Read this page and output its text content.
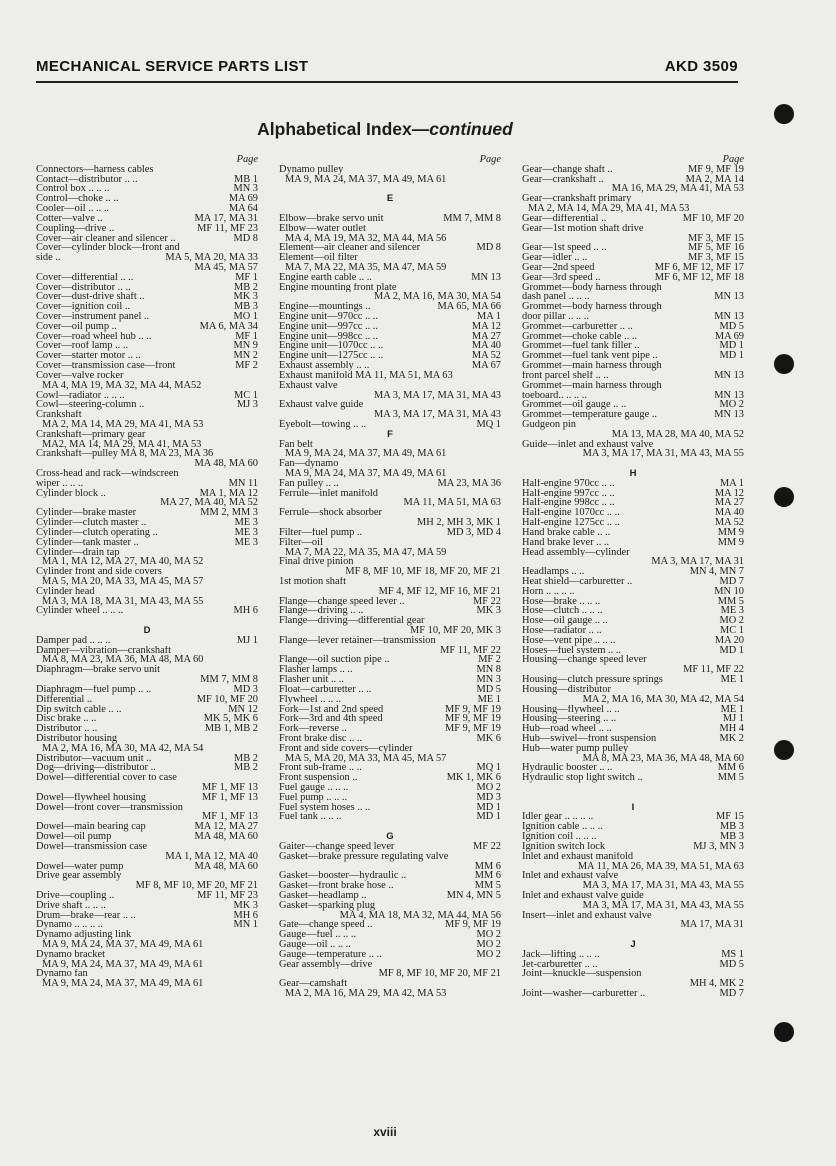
MECHANICAL SERVICE PARTS LIST	AKD 3509
Alphabetical Index—continued
Page
Connectors—harness cables
Contact—distributor .. ..	MB 1
Control box .. .. ..	MN 3
Control—choke .. ..	MA 69
Cooler—oil .. .. ..	MA 64
Cotter—valve ..	MA 17, MA 31
Coupling—drive ..	MF 11, MF 23
Cover—air cleaner and silencer ..	MD 8
Cover—cylinder block—front and
side ..	MA 5, MA 20, MA 33
MA 45, MA 57
Cover—differential .. ..	MF 1
Cover—distributor .. ..	MB 2
Cover—dust-drive shaft ..	MK 3
Cover—ignition coil ..	MB 3
Cover—instrument panel ..	MO 1
Cover—oil pump ..	MA 6, MA 34
Cover—road wheel hub .. ..	MF 1
Cover—roof lamp .. ..	MN 9
Cover—starter motor .. ..	MN 2
Cover—transmission case—front	MF 2
Cover—valve rocker
MA 4, MA 19, MA 32, MA 44, MA52
Cowl—radiator .. .. ..	MC 1
Cowl—steering-column ..	MJ 3
Crankshaft
MA 2, MA 14, MA 29, MA 41, MA 53
Crankshaft—primary gear
MA2, MA 14, MA 29, MA 41, MA 53
Crankshaft—pulley MA 8, MA 23, MA 36
MA 48, MA 60
Cross-head and rack—windscreen
wiper .. .. ..	MN 11
Cylinder block ..	MA 1, MA 12
MA 27, MA 40, MA 52
Cylinder—brake master	MM 2, MM 3
Cylinder—clutch master ..	ME 3
Cylinder—clutch operating ..	ME 3
Cylinder—tank master ..	ME 3
Cylinder—drain tap
MA 1, MA 12, MA 27, MA 40, MA 52
Cylinder front and side covers
MA 5, MA 20, MA 33, MA 45, MA 57
Cylinder head
MA 3, MA 18, MA 31, MA 43, MA 55
Cylinder wheel .. .. ..	MH 6
D
Damper pad .. .. ..	MJ 1
Damper—vibration—crankshaft
MA 8, MA 23, MA 36, MA 48, MA 60
Diaphragm—brake servo unit
MM 7, MM 8
Diaphragm—fuel pump .. ..	MD 3
Differential ..	MF 10, MF 20
Dip switch cable .. ..	MN 12
Disc brake .. ..	MK 5, MK 6
Distributor .. ..	MB 1, MB 2
Distributor housing
MA 2, MA 16, MA 30, MA 42, MA 54
Distributor—vacuum unit ..	MB 2
Dog—driving—distributor ..	MB 2
Dowel—differential cover to case
MF 1, MF 13
Dowel—flywheel housing	MF 1, MF 13
Dowel—front cover—transmission
MF 1, MF 13
Dowel—main bearing cap	MA 12, MA 27
Dowel—oil pump	MA 48, MA 60
Dowel—transmission case
MA 1, MA 12, MA 40
Dowel—water pump	MA 48, MA 60
Drive gear assembly
MF 8, MF 10, MF 20, MF 21
Drive—coupling ..	MF 11, MF 23
Drive shaft .. .. ..	MK 3
Drum—brake—rear .. ..	MH 6
Dynamo .. .. .. ..	MN 1
Dynamo adjusting link
MA 9, MA 24, MA 37, MA 49, MA 61
Dynamo bracket
MA 9, MA 24, MA 37, MA 49, MA 61
Dynamo fan
MA 9, MA 24, MA 37, MA 49, MA 61
Page
Dynamo pulley
MA 9, MA 24, MA 37, MA 49, MA 61
E
Elbow—brake servo unit	MM 7, MM 8
Elbow—water outlet
MA 4, MA 19, MA 32, MA 44, MA 56
Element—air cleaner and silencer	MD 8
Element—oil filter
MA 7, MA 22, MA 35, MA 47, MA 59
Engine earth cable .. ..	MN 13
Engine mounting front plate
MA 2, MA 16, MA 30, MA 54
Engine—mountings ..	MA 65, MA 66
Engine unit—970cc .. ..	MA 1
Engine unit—997cc .. ..	MA 12
Engine unit—998cc .. ..	MA 27
Engine unit—1070cc .. ..	MA 40
Engine unit—1275cc .. ..	MA 52
Exhaust assembly .. ..	MA 67
Exhaust manifold MA 11, MA 51, MA 63
Exhaust valve
MA 3, MA 17, MA 31, MA 43
Exhaust valve guide
MA 3, MA 17, MA 31, MA 43
Eyebolt—towing .. ..	MQ 1
F
Fan belt
MA 9, MA 24, MA 37, MA 49, MA 61
Fan—dynamo
MA 9, MA 24, MA 37, MA 49, MA 61
Fan pulley .. ..	MA 23, MA 36
Ferrule—inlet manifold
MA 11, MA 51, MA 63
Ferrule—shock absorber
MH 2, MH 3, MK 1
Filter—fuel pump ..	MD 3, MD 4
Filter—oil
MA 7, MA 22, MA 35, MA 47, MA 59
Final drive pinion
MF 8, MF 10, MF 18, MF 20, MF 21
1st motion shaft
MF 4, MF 12, MF 16, MF 21
Flange—change speed lever ..	MF 22
Flange—driving .. ..	MK 3
Flange—driving—differential gear
MF 10, MF 20, MK 3
Flange—lever retainer—transmission
MF 11, MF 22
Flange—oil suction pipe ..	MF 2
Flasher lamps .. ..	MN 8
Flasher unit .. ..	MN 3
Float—carburetter .. ..	MD 5
Flywheel .. .. ..	ME 1
Fork—1st and 2nd speed	MF 9, MF 19
Fork—3rd and 4th speed	MF 9, MF 19
Fork—reverse ..	MF 9, MF 19
Front brake disc .. ..	MK 6
Front and side covers—cylinder
MA 5, MA 20, MA 33, MA 45, MA 57
Front sub-frame .. ..	MQ 1
Front suspension ..	MK 1, MK 6
Fuel gauge .. .. ..	MO 2
Fuel pump .. .. ..	MD 3
Fuel system hoses .. ..	MD 1
Fuel tank .. .. ..	MD 1
G
Gaiter—change speed lever	MF 22
Gasket—brake pressure regulating valve
MM 6
Gasket—booster—hydraulic ..	MM 6
Gasket—front brake hose ..	MM 5
Gasket—headlamp ..	MN 4, MN 5
Gasket—sparking plug
MA 4, MA 18, MA 32, MA 44, MA 56
Gate—change speed ..	MF 9, MF 19
Gauge—fuel .. .. ..	MO 2
Gauge—oil .. .. ..	MO 2
Gauge—temperature .. ..	MO 2
Gear assembly—drive
MF 8, MF 10, MF 20, MF 21
Gear—camshaft
MA 2, MA 16, MA 29, MA 42, MA 53
Page
Gear—change shaft ..	MF 9, MF 19
Gear—crankshaft ..	MA 2, MA 14
MA 16, MA 29, MA 41, MA 53
Gear—crankshaft primary
MA 2, MA 14, MA 29, MA 41, MA 53
Gear—differential ..	MF 10, MF 20
Gear—1st motion shaft drive
MF 3, MF 15
Gear—1st speed .. ..	MF 5, MF 16
Gear—idler .. ..	MF 3, MF 15
Gear—2nd speed	MF 6, MF 12, MF 17
Gear—3rd speed ..	MF 6, MF 12, MF 18
Grommet—body harness through
dash panel .. .. ..	MN 13
Grommet—body harness through
door pillar .. .. ..	MN 13
Grommet—carburetter .. ..	MD 5
Grommet—choke cable .. ..	MA 69
Grommet—fuel tank filler ..	MD 1
Grommet—fuel tank vent pipe ..	MD 1
Grommet—main harness through
front parcel shelf .. ..	MN 13
Grommet—main harness through
toeboard.. .. .. ..	MN 13
Grommet—oil gauge .. ..	MO 2
Grommet—temperature gauge ..	MN 13
Gudgeon pin
MA 13, MA 28, MA 40, MA 52
Guide—inlet and exhaust valve
MA 3, MA 17, MA 31, MA 43, MA 55
H
Half-engine 970cc .. ..	MA 1
Half-engine 997cc .. ..	MA 12
Half-engine 998cc .. ..	MA 27
Half-engine 1070cc .. ..	MA 40
Half-engine 1275cc .. ..	MA 52
Hand brake cable .. ..	MM 9
Hand brake lever .. ..	MM 9
Head assembly—cylinder
MA 3, MA 17, MA 31
Headlamps .. ..	MN 4, MN 7
Heat shield—carburetter ..	MD 7
Horn .. .. .. ..	MN 10
Hose—brake .. .. ..	MM 5
Hose—clutch .. .. ..	ME 3
Hose—oil gauge .. ..	MO 2
Hose—radiator .. ..	MC 1
Hose—vent pipe .. .. ..	MA 20
Hoses—fuel system .. ..	MD 1
Housing—change speed lever
MF 11, MF 22
Housing—clutch pressure springs	ME 1
Housing—distributor
MA 2, MA 16, MA 30, MA 42, MA 54
Housing—flywheel .. ..	ME 1
Housing—steering .. ..	MJ 1
Hub—road wheel .. ..	MH 4
Hub—swivel—front suspension	MK 2
Hub—water pump pulley
MA 8, MA 23, MA 36, MA 48, MA 60
Hydraulic booster .. ..	MM 6
Hydraulic stop light switch ..	MM 5
I
Idler gear .. .. .. ..	MF 15
Ignition cable .. .. ..	MB 3
Ignition coil .. .. ..	MB 3
Ignition switch lock	MJ 3, MN 3
Inlet and exhaust manifold
MA 11, MA 26, MA 39, MA 51, MA 63
Inlet and exhaust valve
MA 3, MA 17, MA 31, MA 43, MA 55
Inlet and exhaust valve guide
MA 3, MA 17, MA 31, MA 43, MA 55
Insert—inlet and exhaust valve
MA 17, MA 31
J
Jack—lifting .. .. ..	MS 1
Jet-carburetter .. ..	MD 5
Joint—knuckle—suspension
MH 4, MK 2
Joint—washer—carburetter ..	MD 7
xviii
